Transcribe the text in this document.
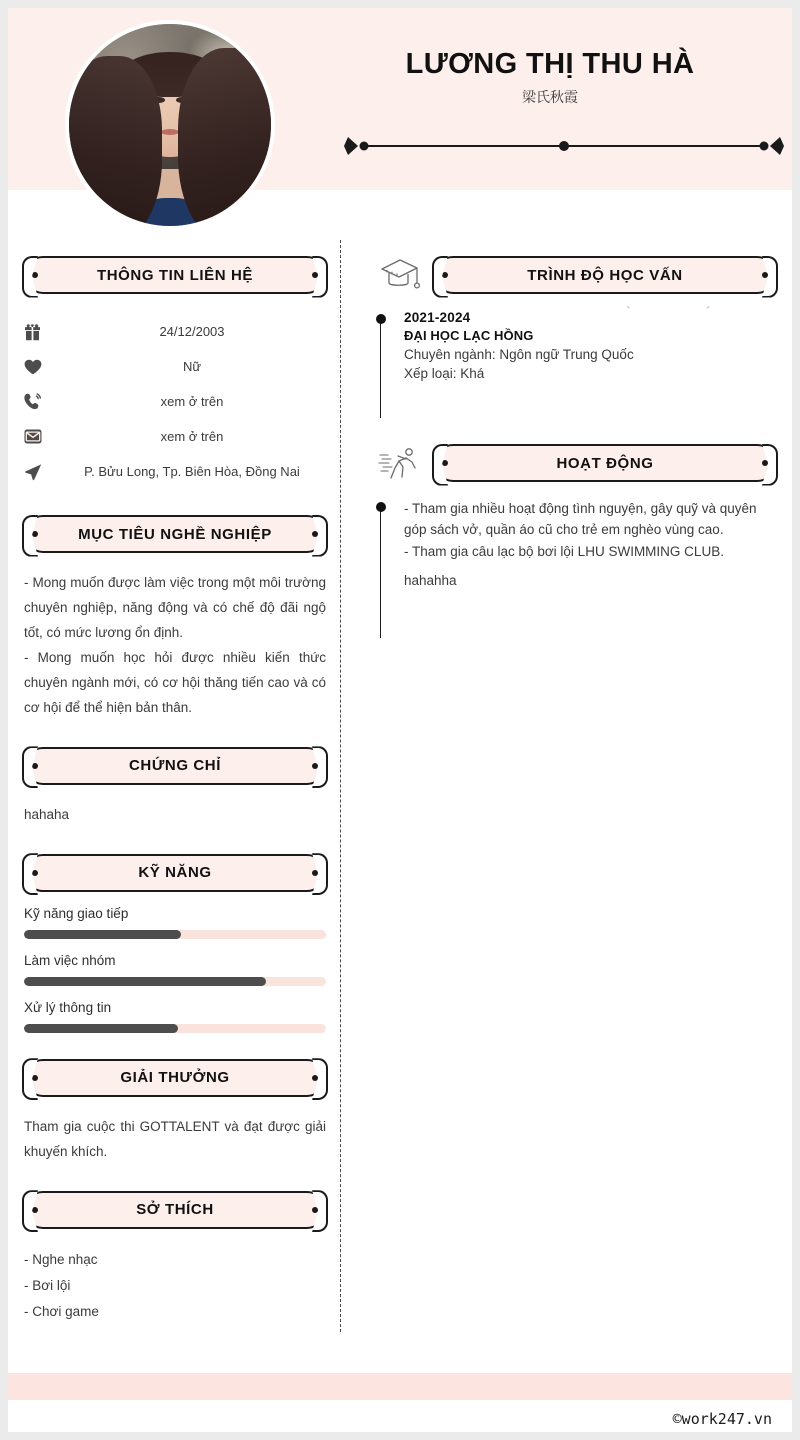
LƯƠNG THỊ THU HÀ
梁氏秋霞
THÔNG TIN LIÊN HỆ
24/12/2003
Nữ
xem ở trên
xem ở trên
P. Bửu Long, Tp. Biên Hòa, Đồng Nai
MỤC TIÊU NGHỀ NGHIỆP
- Mong muốn được làm việc trong một môi trường chuyên nghiệp, năng động và có chế độ đãi ngộ tốt, có mức lương ổn định.
- Mong muốn học hỏi được nhiều kiến thức chuyên ngành mới, có cơ hội thăng tiến cao và có cơ hội để thể hiện bản thân.
CHỨNG CHỈ
hahaha
KỸ NĂNG
Kỹ năng giao tiếp
Làm việc nhóm
Xử lý thông tin
GIẢI THƯỞNG
Tham gia cuộc thi GOTTALENT và đạt được giải khuyến khích.
SỞ THÍCH
- Nghe nhạc
- Bơi lội
- Chơi game
TRÌNH ĐỘ HỌC VẤN
`	´
2021-2024
ĐẠI HỌC LẠC HỒNG
Chuyên ngành: Ngôn ngữ Trung Quốc
Xếp loại: Khá
HOẠT ĐỘNG
- Tham gia nhiều hoạt động tình nguyện, gây quỹ và quyên góp sách vở, quần áo cũ cho trẻ em nghèo vùng cao.
- Tham gia câu lạc bộ bơi lội LHU SWIMMING CLUB.
hahahha
©work247.vn
